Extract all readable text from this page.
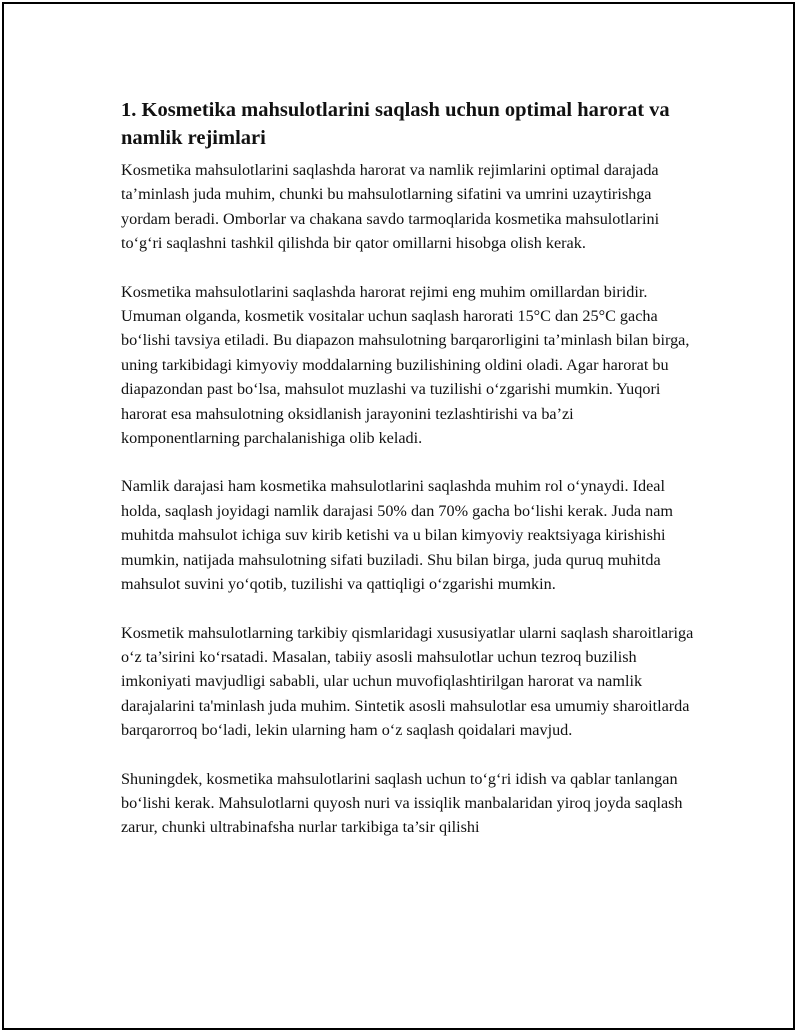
1. Kosmetika mahsulotlarini saqlash uchun optimal harorat va namlik rejimlari

Kosmetika mahsulotlarini saqlashda harorat va namlik rejimlarini optimal darajada ta’minlash juda muhim, chunki bu mahsulotlarning sifatini va umrini uzaytirishga yordam beradi. Omborlar va chakana savdo tarmoqlarida kosmetika mahsulotlarini to‘g‘ri saqlashni tashkil qilishda bir qator omillarni hisobga olish kerak.

Kosmetika mahsulotlarini saqlashda harorat rejimi eng muhim omillardan biridir. Umuman olganda, kosmetik vositalar uchun saqlash harorati 15°C dan 25°C gacha bo‘lishi tavsiya etiladi. Bu diapazon mahsulotning barqarorligini ta’minlash bilan birga, uning tarkibidagi kimyoviy moddalarning buzilishining oldini oladi. Agar harorat bu diapazondan past bo‘lsa, mahsulot muzlashi va tuzilishi o‘zgarishi mumkin. Yuqori harorat esa mahsulotning oksidlanish jarayonini tezlashtirishi va ba’zi komponentlarning parchalanishiga olib keladi.

Namlik darajasi ham kosmetika mahsulotlarini saqlashda muhim rol o‘ynaydi. Ideal holda, saqlash joyidagi namlik darajasi 50% dan 70% gacha bo‘lishi kerak. Juda nam muhitda mahsulot ichiga suv kirib ketishi va u bilan kimyoviy reaktsiyaga kirishishi mumkin, natijada mahsulotning sifati buziladi. Shu bilan birga, juda quruq muhitda mahsulot suvini yo‘qotib, tuzilishi va qattiqligi o‘zgarishi mumkin.

Kosmetik mahsulotlarning tarkibiy qismlaridagi xususiyatlar ularni saqlash sharoitlariga o‘z ta’sirini ko‘rsatadi. Masalan, tabiiy asosli mahsulotlar uchun tezroq buzilish imkoniyati mavjudligi sababli, ular uchun muvofiqlashtirilgan harorat va namlik darajalarini ta'minlash juda muhim. Sintetik asosli mahsulotlar esa umumiy sharoitlarda barqarorroq bo‘ladi, lekin ularning ham o‘z saqlash qoidalari mavjud.

Shuningdek, kosmetika mahsulotlarini saqlash uchun to‘g‘ri idish va qablar tanlangan bo‘lishi kerak. Mahsulotlarni quyosh nuri va issiqlik manbalaridan yiroq joyda saqlash zarur, chunki ultrabinafsha nurlar tarkibiga ta’sir qilishi
